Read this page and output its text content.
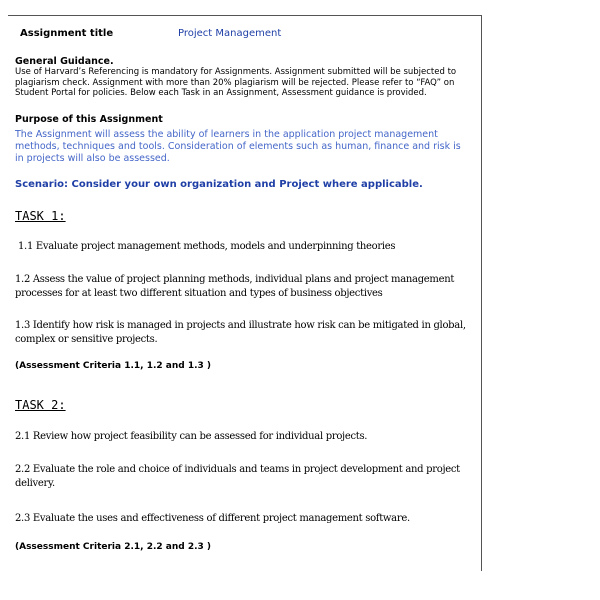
Assignment title	Project Management
General Guidance.
Use of Harvard’s Referencing is mandatory for Assignments. Assignment submitted will be subjected to plagiarism check. Assignment with more than 20% plagiarism will be rejected. Please refer to “FAQ” on Student Portal for policies. Below each Task in an Assignment, Assessment guidance is provided.
Purpose of this Assignment
The Assignment will assess the ability of learners in the application project management methods, techniques and tools. Consideration of elements such as human, finance and risk is in projects will also be assessed.
Scenario: Consider your own organization and Project where applicable.
TASK 1:
1.1 Evaluate project management methods, models and underpinning theories
1.2 Assess the value of project planning methods, individual plans and project management processes for at least two different situation and types of business objectives
1.3 Identify how risk is managed in projects and illustrate how risk can be mitigated in global, complex or sensitive projects.
(Assessment Criteria 1.1, 1.2 and 1.3 )
TASK 2:
2.1 Review how project feasibility can be assessed for individual projects.
2.2 Evaluate the role and choice of individuals and teams in project development and project delivery.
2.3 Evaluate the uses and effectiveness of different project management software.
(Assessment Criteria 2.1, 2.2 and 2.3 )
